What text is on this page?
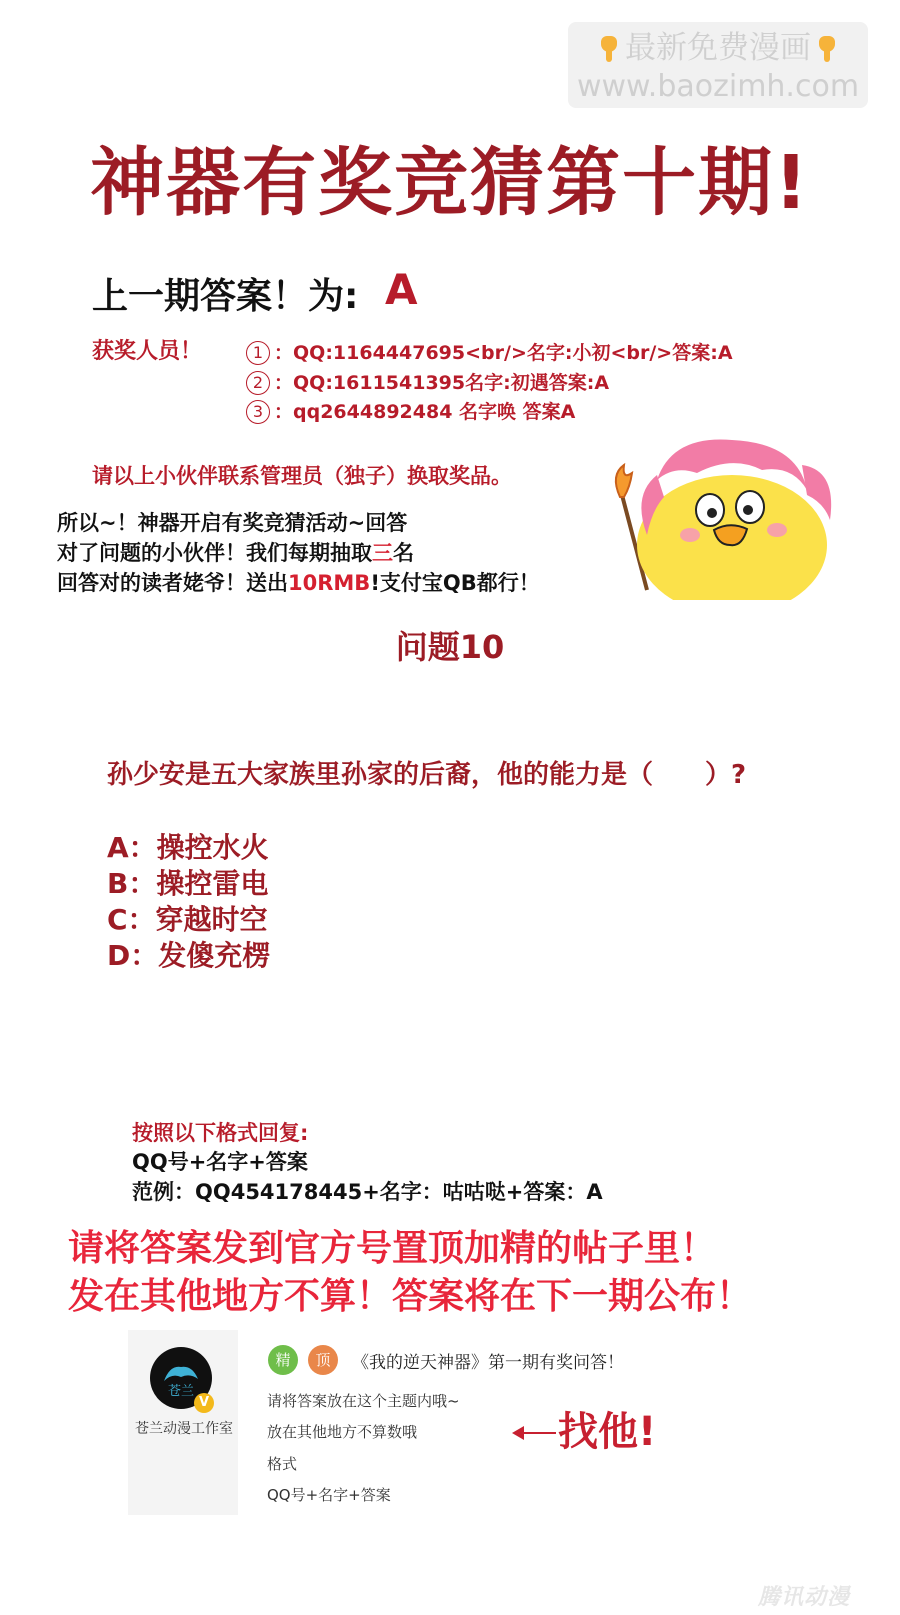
最新免费漫画
www.baozimh.com
神器有奖竞猜第十期!
上一期答案！为: A
获奖人员！	1 ：QQ:1164447695<br/>名字:小初<br/>答案:A
2 ：QQ:1611541395名字:初遇答案:A
3 ：qq2644892484 名字唤 答案A
请以上小伙伴联系管理员（独子）换取奖品。
所以~！神器开启有奖竞猜活动~回答
对了问题的小伙伴！我们每期抽取三名
回答对的读者姥爷！送出10RMB!支付宝QB都行！
问题10
孙少安是五大家族里孙家的后裔，他的能力是（　　）?
A：操控水火
B：操控雷电
C：穿越时空
D：发傻充楞
按照以下格式回复:
QQ号+名字+答案
范例：QQ454178445+名字：咕咕哒+答案：A
请将答案发到官方号置顶加精的帖子里！
发在其他地方不算！答案将在下一期公布！
苍兰
V
苍兰动漫工作室
精	顶	《我的逆天神器》第一期有奖问答！
请将答案放在这个主题内哦~
放在其他地方不算数哦
格式
QQ号+名字+答案
找他!
腾讯动漫
